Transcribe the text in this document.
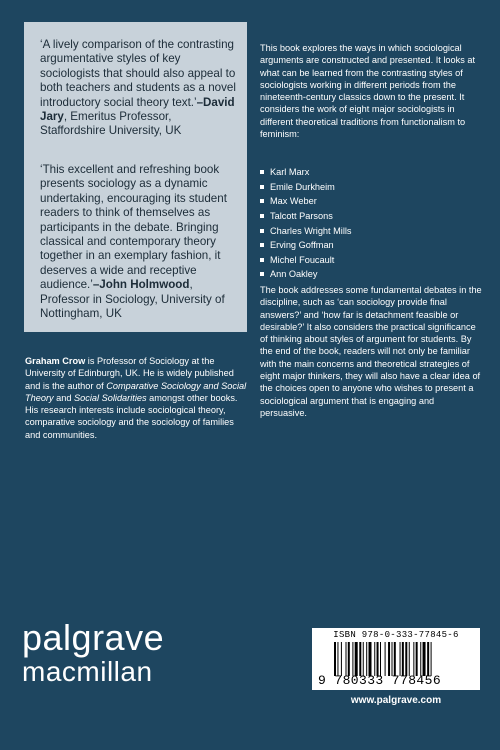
‘A lively comparison of the contrasting argumentative styles of key sociologists that should also appeal to both teachers and students as a novel introductory social theory text.’–David Jary, Emeritus Professor, Staffordshire University, UK
‘This excellent and refreshing book presents sociology as a dynamic undertaking, encouraging its student readers to think of themselves as participants in the debate. Bringing classical and contemporary theory together in an exemplary fashion, it deserves a wide and receptive audience.’–John Holmwood, Professor in Sociology, University of Nottingham, UK
Graham Crow is Professor of Sociology at the University of Edinburgh, UK. He is widely published and is the author of Comparative Sociology and Social Theory and Social Solidarities amongst other books. His research interests include sociological theory, comparative sociology and the sociology of families and communities.
This book explores the ways in which sociological arguments are constructed and presented. It looks at what can be learned from the contrasting styles of sociologists working in different periods from the nineteenth-century classics down to the present. It considers the work of eight major sociologists in different theoretical traditions from functionalism to feminism:
Karl Marx
Emile Durkheim
Max Weber
Talcott Parsons
Charles Wright Mills
Erving Goffman
Michel Foucault
Ann Oakley
The book addresses some fundamental debates in the discipline, such as ‘can sociology provide final answers?’ and ‘how far is detachment feasible or desirable?’ It also considers the practical significance of thinking about styles of argument for students. By the end of the book, readers will not only be familiar with the main concerns and theoretical strategies of eight major thinkers, they will also have a clear idea of the choices open to anyone who wishes to present a sociological argument that is engaging and persuasive.
palgrave
macmillan
ISBN 978-0-333-77845-6
9 780333 778456
www.palgrave.com
